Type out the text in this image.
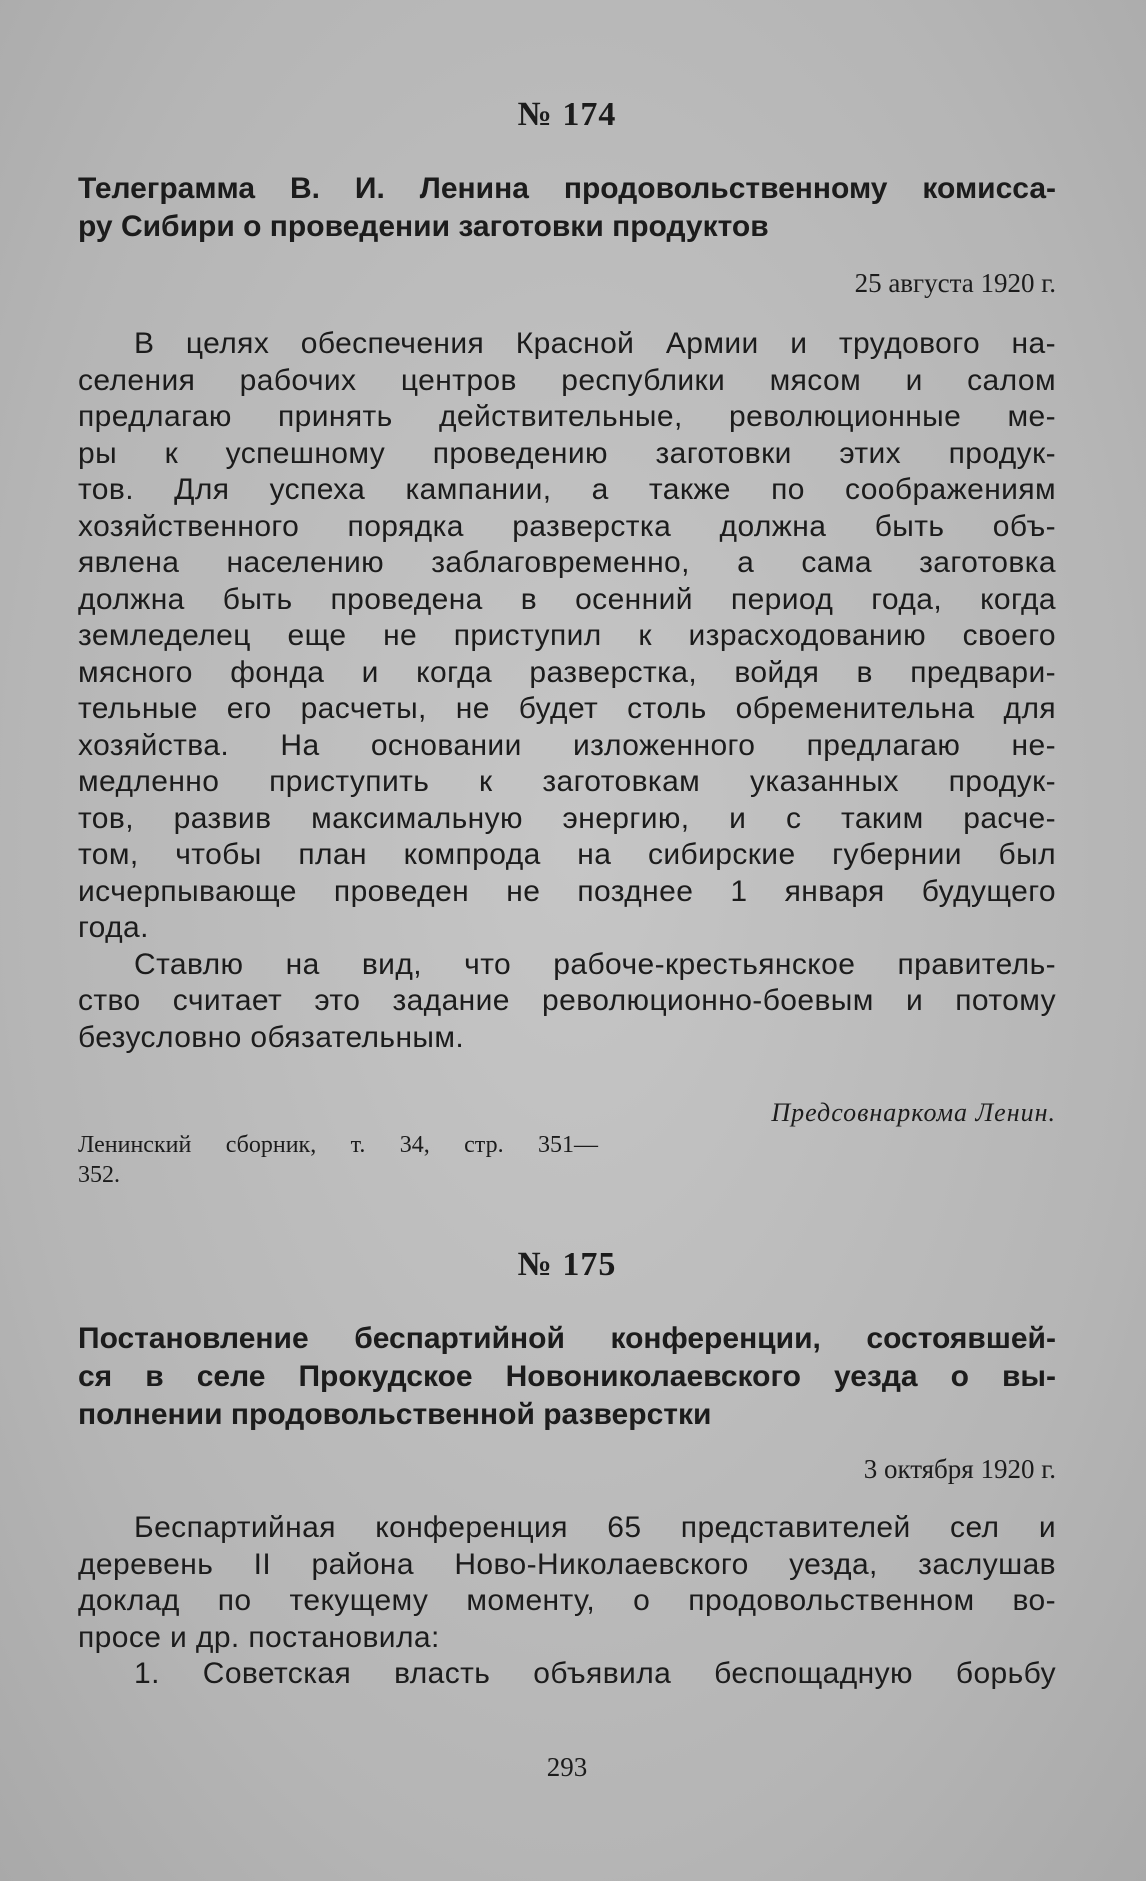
№ 174
Телеграмма В. И. Ленина продовольственному комисса-
ру Сибири о проведении заготовки продуктов
25 августа 1920 г.
В целях обеспечения Красной Армии и трудового на-
селения рабочих центров республики мясом и салом
предлагаю принять действительные, революционные ме-
ры к успешному проведению заготовки этих продук-
тов. Для успеха кампании, а также по соображениям
хозяйственного порядка разверстка должна быть объ-
явлена населению заблаговременно, а сама заготовка
должна быть проведена в осенний период года, когда
земледелец еще не приступил к израсходованию своего
мясного фонда и когда разверстка, войдя в предвари-
тельные его расчеты, не будет столь обременительна для
хозяйства. На основании изложенного предлагаю не-
медленно приступить к заготовкам указанных продук-
тов, развив максимальную энергию, и с таким расче-
том, чтобы план компрода на сибирские губернии был
исчерпывающе проведен не позднее 1 января будущего
года.
Ставлю на вид, что рабоче-крестьянское правитель-
ство считает это задание революционно-боевым и потому
безусловно обязательным.
Предсовнаркома Ленин.
Ленинский сборник, т. 34, стр. 351—
352.
№ 175
Постановление беспартийной конференции, состоявшей-
ся в селе Прокудское Новониколаевского уезда о вы-
полнении продовольственной разверстки
3 октября 1920 г.
Беспартийная конференция 65 представителей сел и
деревень II района Ново-Николаевского уезда, заслушав
доклад по текущему моменту, о продовольственном во-
просе и др. постановила:
1. Советская власть объявила беспощадную борьбу
293
